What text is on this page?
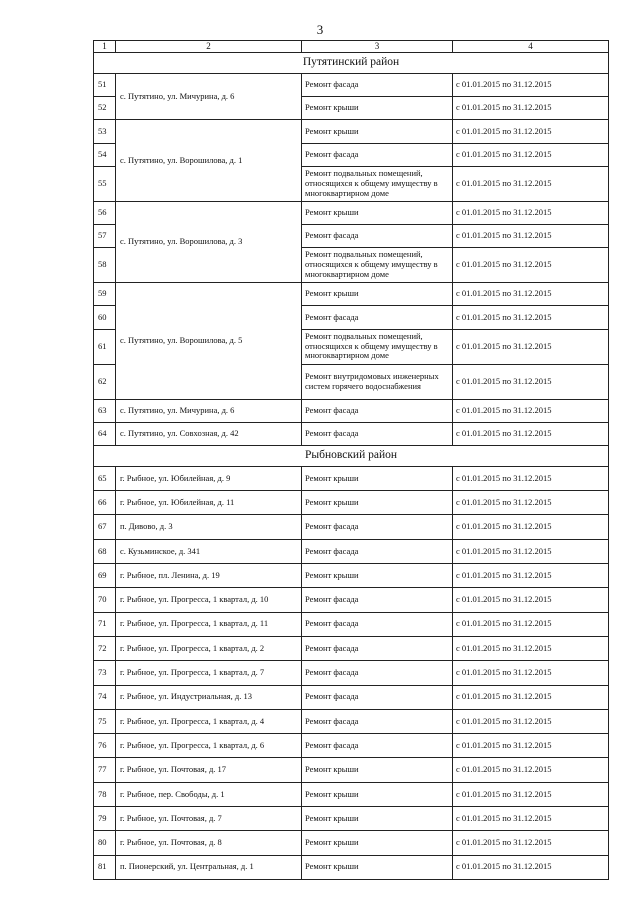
3
1	2	3	4
Путятинский район			
51	с. Путятино, ул. Мичурина, д. 6	Ремонт фасада	с 01.01.2015 по 31.12.2015
52		Ремонт крыши	с 01.01.2015 по 31.12.2015
53	с. Путятино, ул. Ворошилова, д. 1	Ремонт крыши	с 01.01.2015 по 31.12.2015
54		Ремонт фасада	с 01.01.2015 по 31.12.2015
55		Ремонт подвальных помещений, относящихся к общему имуществу в многоквартирном доме	с 01.01.2015 по 31.12.2015
56	с. Путятино, ул. Ворошилова, д. 3	Ремонт крыши	с 01.01.2015 по 31.12.2015
57		Ремонт фасада	с 01.01.2015 по 31.12.2015
58		Ремонт подвальных помещений, относящихся к общему имуществу в многоквартирном доме	с 01.01.2015 по 31.12.2015
59	с. Путятино, ул. Ворошилова, д. 5	Ремонт крыши	с 01.01.2015 по 31.12.2015
60		Ремонт фасада	с 01.01.2015 по 31.12.2015
61		Ремонт подвальных помещений, относящихся к общему имуществу в многоквартирном доме	с 01.01.2015 по 31.12.2015
62		Ремонт внутридомовых инженерных систем горячего водоснабжения	с 01.01.2015 по 31.12.2015
63	с. Путятино, ул. Мичурина, д. 6	Ремонт фасада	с 01.01.2015 по 31.12.2015
64	с. Путятино, ул. Совхозная, д. 42	Ремонт фасада	с 01.01.2015 по 31.12.2015
Рыбновский район			
65	г. Рыбное, ул. Юбилейная, д. 9	Ремонт крыши	с 01.01.2015 по 31.12.2015
66	г. Рыбное, ул. Юбилейная, д. 11	Ремонт крыши	с 01.01.2015 по 31.12.2015
67	п. Дивово, д. 3	Ремонт фасада	с 01.01.2015 по 31.12.2015
68	с. Кузьминское, д. 341	Ремонт фасада	с 01.01.2015 по 31.12.2015
69	г. Рыбное, пл. Ленина, д. 19	Ремонт крыши	с 01.01.2015 по 31.12.2015
70	г. Рыбное, ул. Прогресса, 1 квартал, д. 10	Ремонт фасада	с 01.01.2015 по 31.12.2015
71	г. Рыбное, ул. Прогресса, 1 квартал, д. 11	Ремонт фасада	с 01.01.2015 по 31.12.2015
72	г. Рыбное, ул. Прогресса, 1 квартал, д. 2	Ремонт фасада	с 01.01.2015 по 31.12.2015
73	г. Рыбное, ул. Прогресса, 1 квартал, д. 7	Ремонт фасада	с 01.01.2015 по 31.12.2015
74	г. Рыбное, ул. Индустриальная, д. 13	Ремонт фасада	с 01.01.2015 по 31.12.2015
75	г. Рыбное, ул. Прогресса, 1 квартал, д. 4	Ремонт фасада	с 01.01.2015 по 31.12.2015
76	г. Рыбное, ул. Прогресса, 1 квартал, д. 6	Ремонт фасада	с 01.01.2015 по 31.12.2015
77	г. Рыбное, ул. Почтовая, д. 17	Ремонт крыши	с 01.01.2015 по 31.12.2015
78	г. Рыбное, пер. Свободы, д. 1	Ремонт крыши	с 01.01.2015 по 31.12.2015
79	г. Рыбное, ул. Почтовая, д. 7	Ремонт крыши	с 01.01.2015 по 31.12.2015
80	г. Рыбное, ул. Почтовая, д. 8	Ремонт крыши	с 01.01.2015 по 31.12.2015
81	п. Пионерский, ул. Центральная, д. 1	Ремонт крыши	с 01.01.2015 по 31.12.2015
